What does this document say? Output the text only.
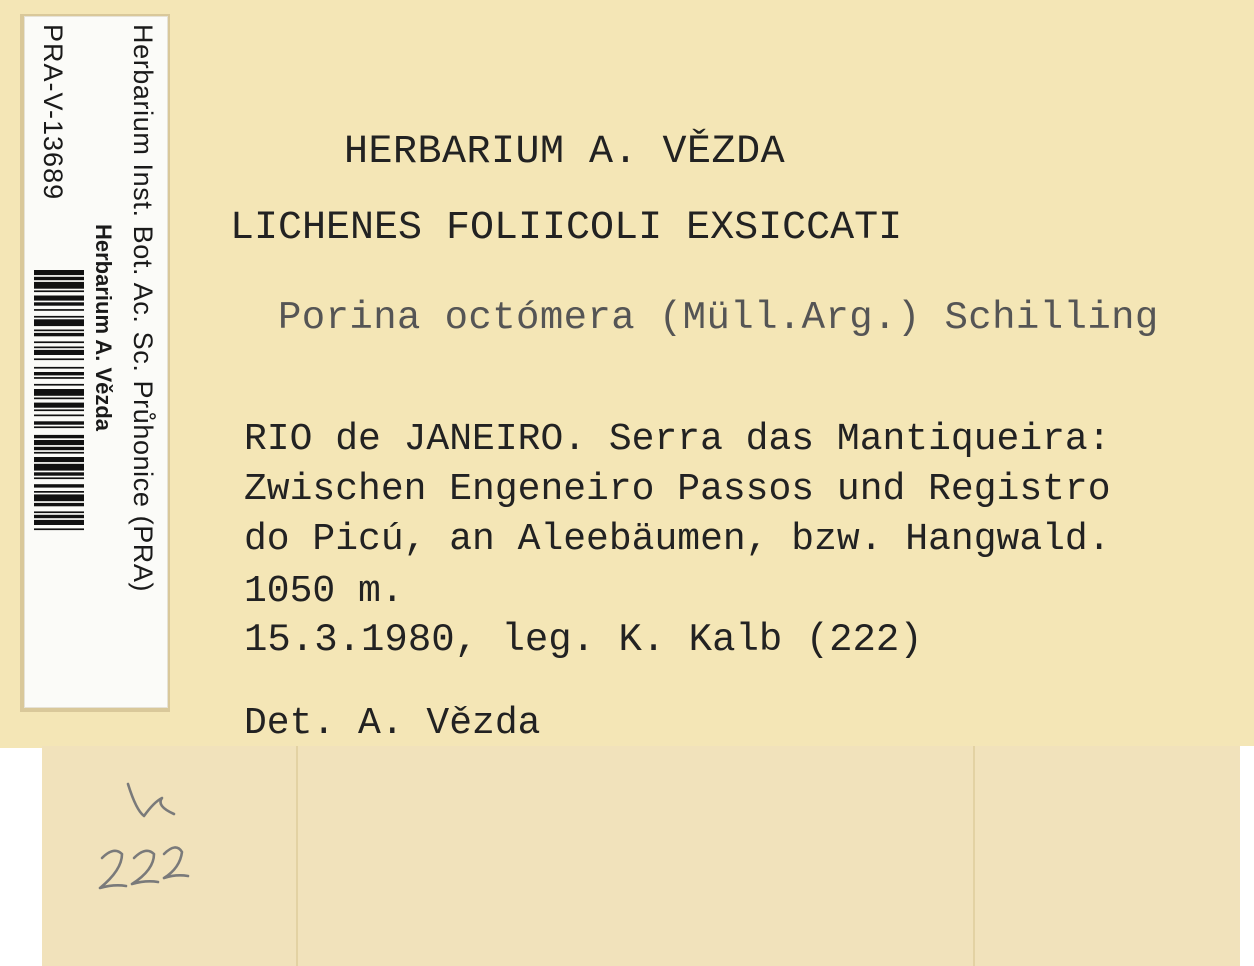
Herbarium Inst. Bot. Ac. Sc. Průhonice (PRA)
Herbarium A. Vězda
PRA-V-13689	HERBARIUM A. VĚZDA
LICHENES FOLIICOLI EXSICCATI
Porina octómera (Müll.Arg.) Schilling
RIO de JANEIRO. Serra das Mantiqueira:
Zwischen Engeneiro Passos und Registro
do Picú, an Aleebäumen, bzw. Hangwald.
1050 m.
15.3.1980, leg. K. Kalb (222)
Det. A. Vězda
